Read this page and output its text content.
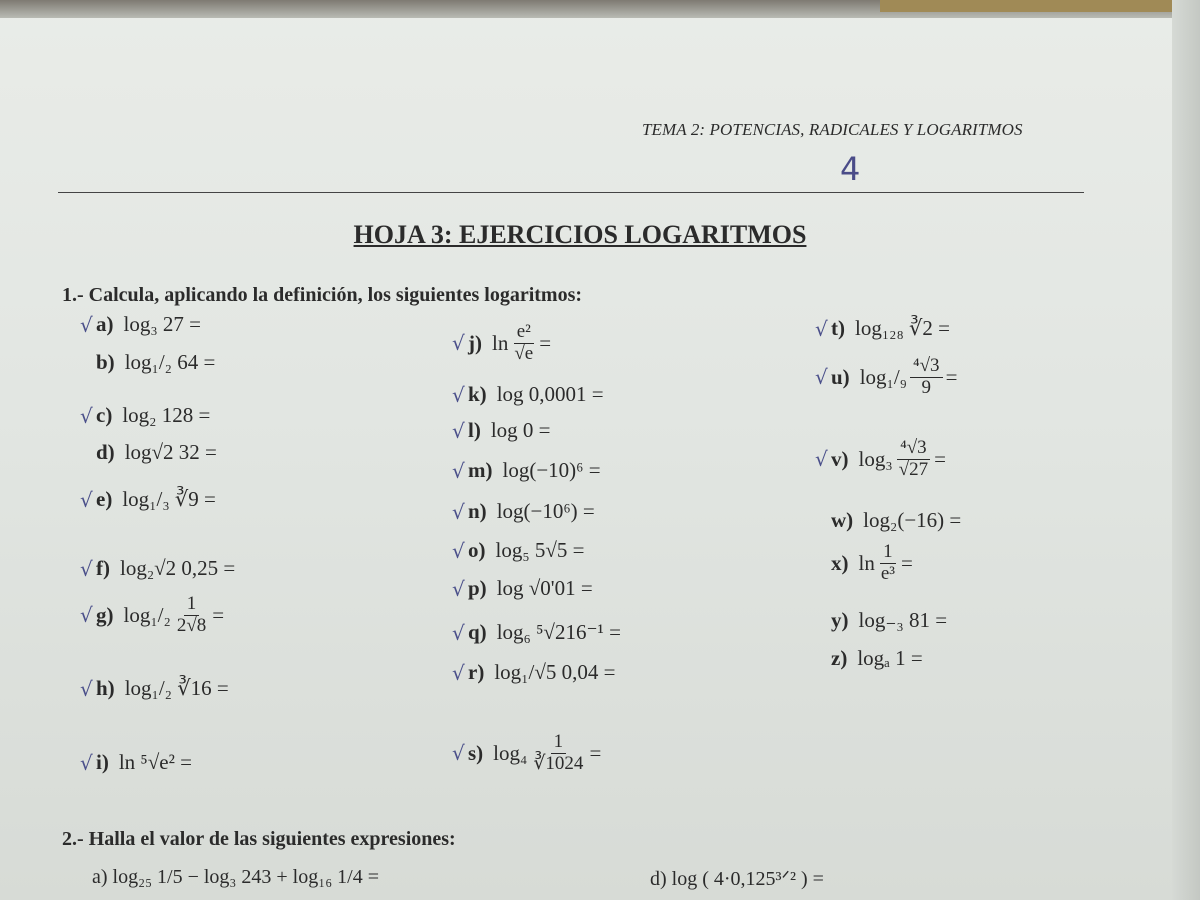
TEMA 2: POTENCIAS, RADICALES Y LOGARITMOS
4
HOJA 3: EJERCICIOS LOGARITMOS
1.- Calcula, aplicando la definición, los siguientes logaritmos:
√ a) log₃ 27 =
b) log₁/₂ 64 =
√ c) log₂ 128 =
d) log√2 32 =
√ e) log₁/₃ ∛9 =
√ f) log₂√2 0,25 =
√ g) $\log_1/_2 \frac{1}{2√8}$ =
√ h) log₁/₂ ∛16 =
√ i) ln ⁵√e² =
√ j) $\ln \frac{\text{e²}}{√e}$ =
√ k) log 0,0001 =
√ l) log 0 =
√ m) log(−10)⁶ =
√ n) log(−10⁶) =
√ o) log₅ 5√5 =
√ p) log √0'01 =
√ q) log₆ ⁵√216⁻¹ =
√ r) log₁/√5 0,04 =
√ s) $\log_4 \frac{1}{∛1024}$ =
√ t) log₁₂₈ ∛2 =
√ u) $\log_1/_9 \frac{\text{⁴√3}}{9}$ =
√ v) $\log_3 \frac{\text{⁴√3}}{√27}$ =
w) log₂(−16) =
x) $\ln \frac{1}{\text{e³}}$ =
y) log₋₃ 81 =
z) logₐ 1 =
2.- Halla el valor de las siguientes expresiones:
a) log₂₅ 1/5 − log₃ 243 + log₁₆ 1/4 =	d) log ( 4·0,125³ᐟ² ) =
